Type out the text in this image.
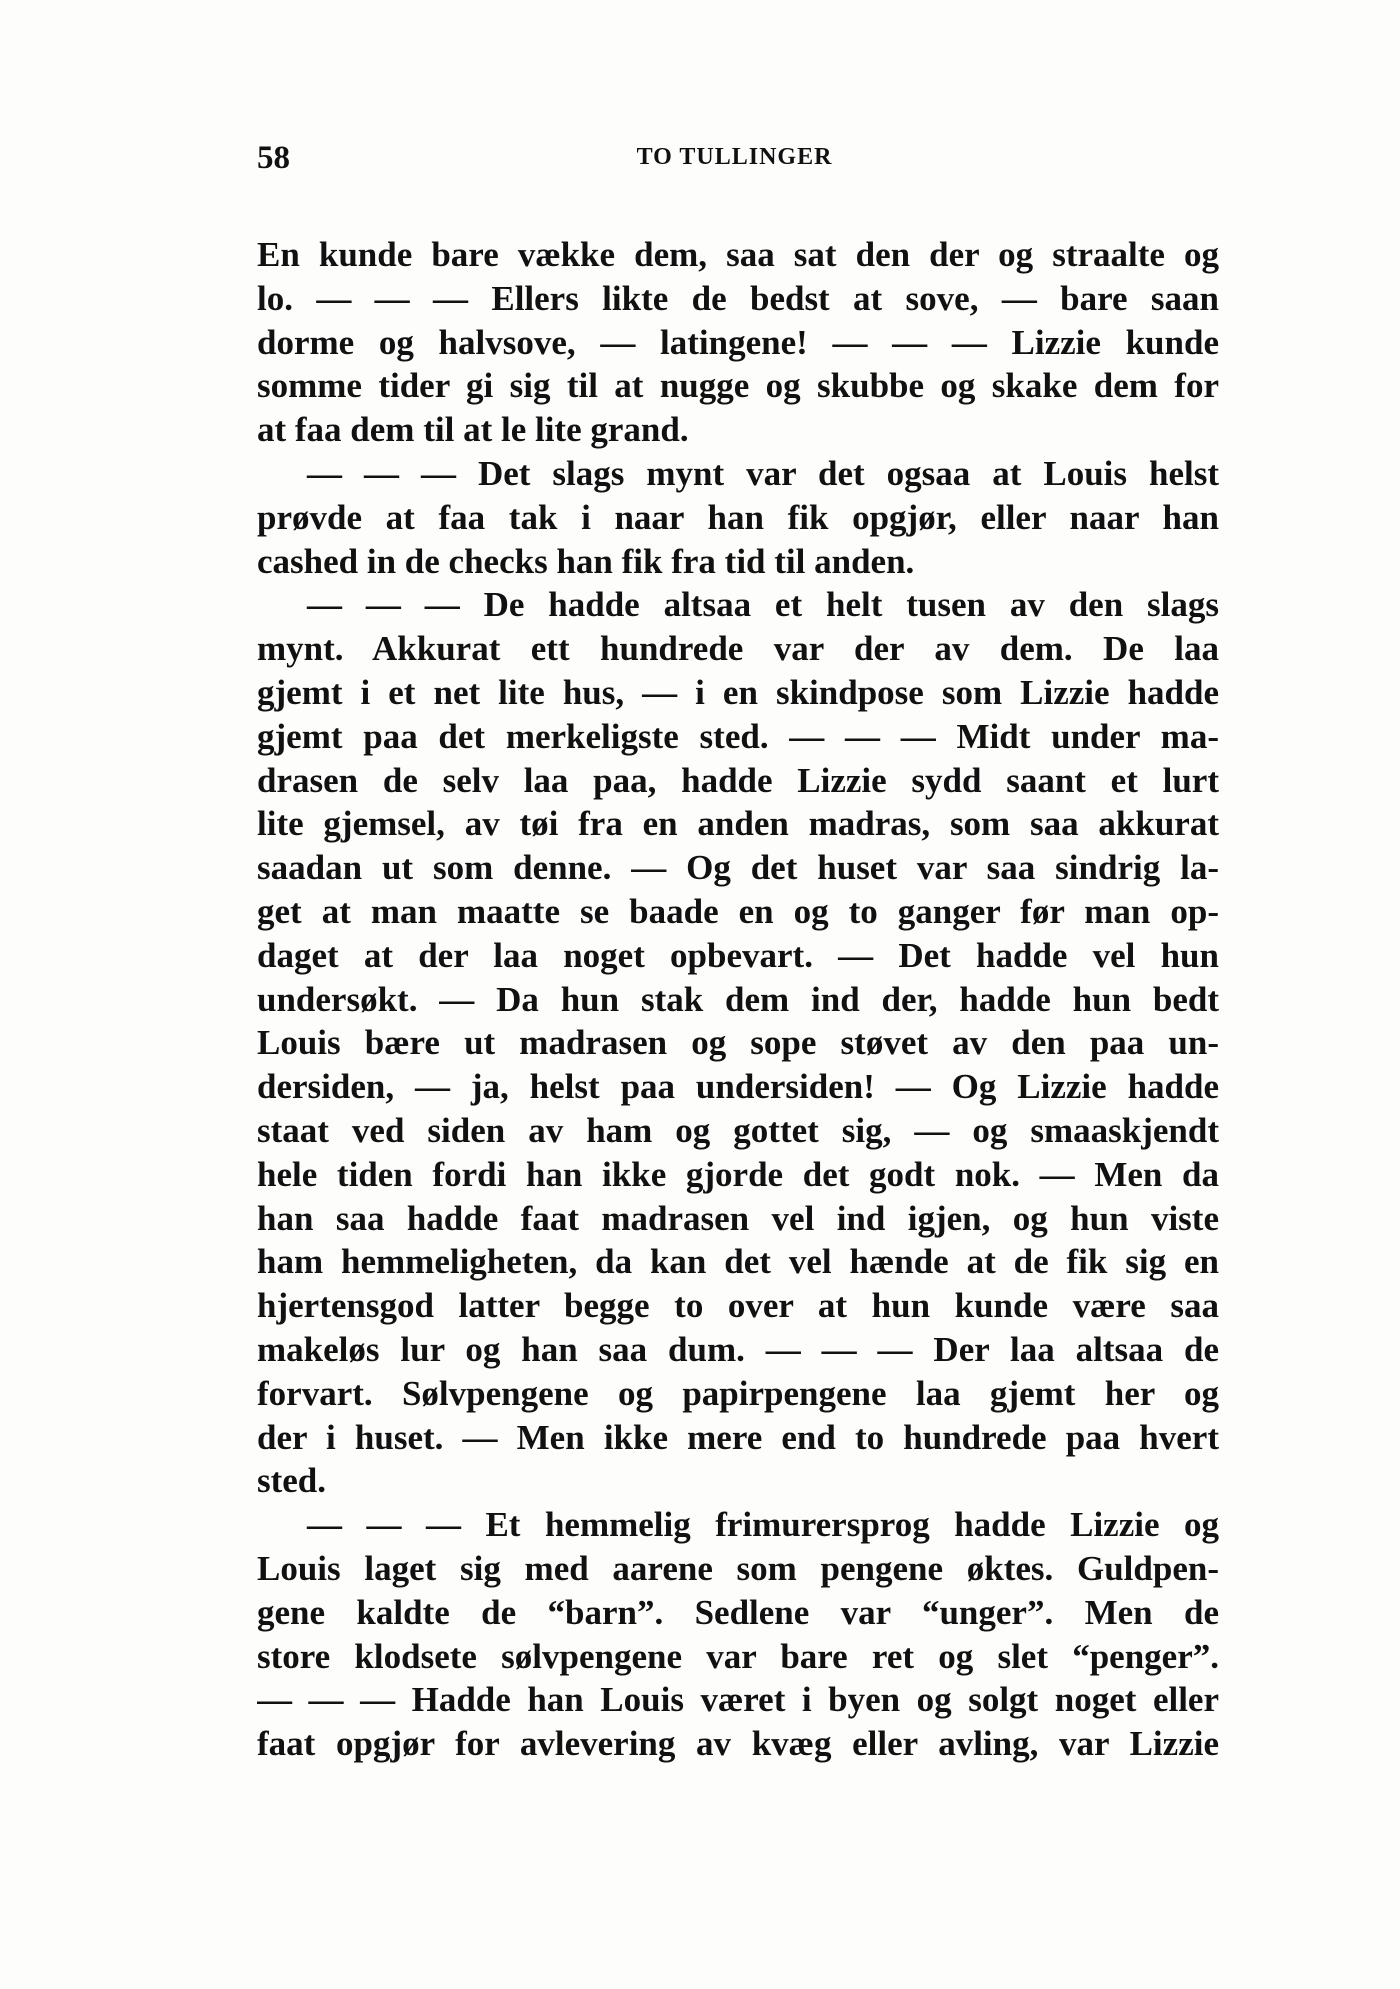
58	TO TULLINGER
En kunde bare vække dem, saa sat den der og straalte og
lo. — — — Ellers likte de bedst at sove, — bare saan
dorme og halvsove, — latingene! — — — Lizzie kunde
somme tider gi sig til at nugge og skubbe og skake dem for
at faa dem til at le lite grand.
— — — Det slags mynt var det ogsaa at Louis helst
prøvde at faa tak i naar han fik opgjør, eller naar han
cashed in de checks han fik fra tid til anden.
— — — De hadde altsaa et helt tusen av den slags
mynt. Akkurat ett hundrede var der av dem. De laa
gjemt i et net lite hus, — i en skindpose som Lizzie hadde
gjemt paa det merkeligste sted. — — — Midt under ma-
drasen de selv laa paa, hadde Lizzie sydd saant et lurt
lite gjemsel, av tøi fra en anden madras, som saa akkurat
saadan ut som denne. — Og det huset var saa sindrig la-
get at man maatte se baade en og to ganger før man op-
daget at der laa noget opbevart. — Det hadde vel hun
undersøkt. — Da hun stak dem ind der, hadde hun bedt
Louis bære ut madrasen og sope støvet av den paa un-
dersiden, — ja, helst paa undersiden! — Og Lizzie hadde
staat ved siden av ham og gottet sig, — og smaaskjendt
hele tiden fordi han ikke gjorde det godt nok. — Men da
han saa hadde faat madrasen vel ind igjen, og hun viste
ham hemmeligheten, da kan det vel hænde at de fik sig en
hjertensgod latter begge to over at hun kunde være saa
makeløs lur og han saa dum. — — — Der laa altsaa de
forvart. Sølvpengene og papirpengene laa gjemt her og
der i huset. — Men ikke mere end to hundrede paa hvert
sted.
— — — Et hemmelig frimurersprog hadde Lizzie og
Louis laget sig med aarene som pengene øktes. Guldpen-
gene kaldte de “barn”. Sedlene var “unger”. Men de
store klodsete sølvpengene var bare ret og slet “penger”.
— — — Hadde han Louis været i byen og solgt noget eller
faat opgjør for avlevering av kvæg eller avling, var Lizzie
